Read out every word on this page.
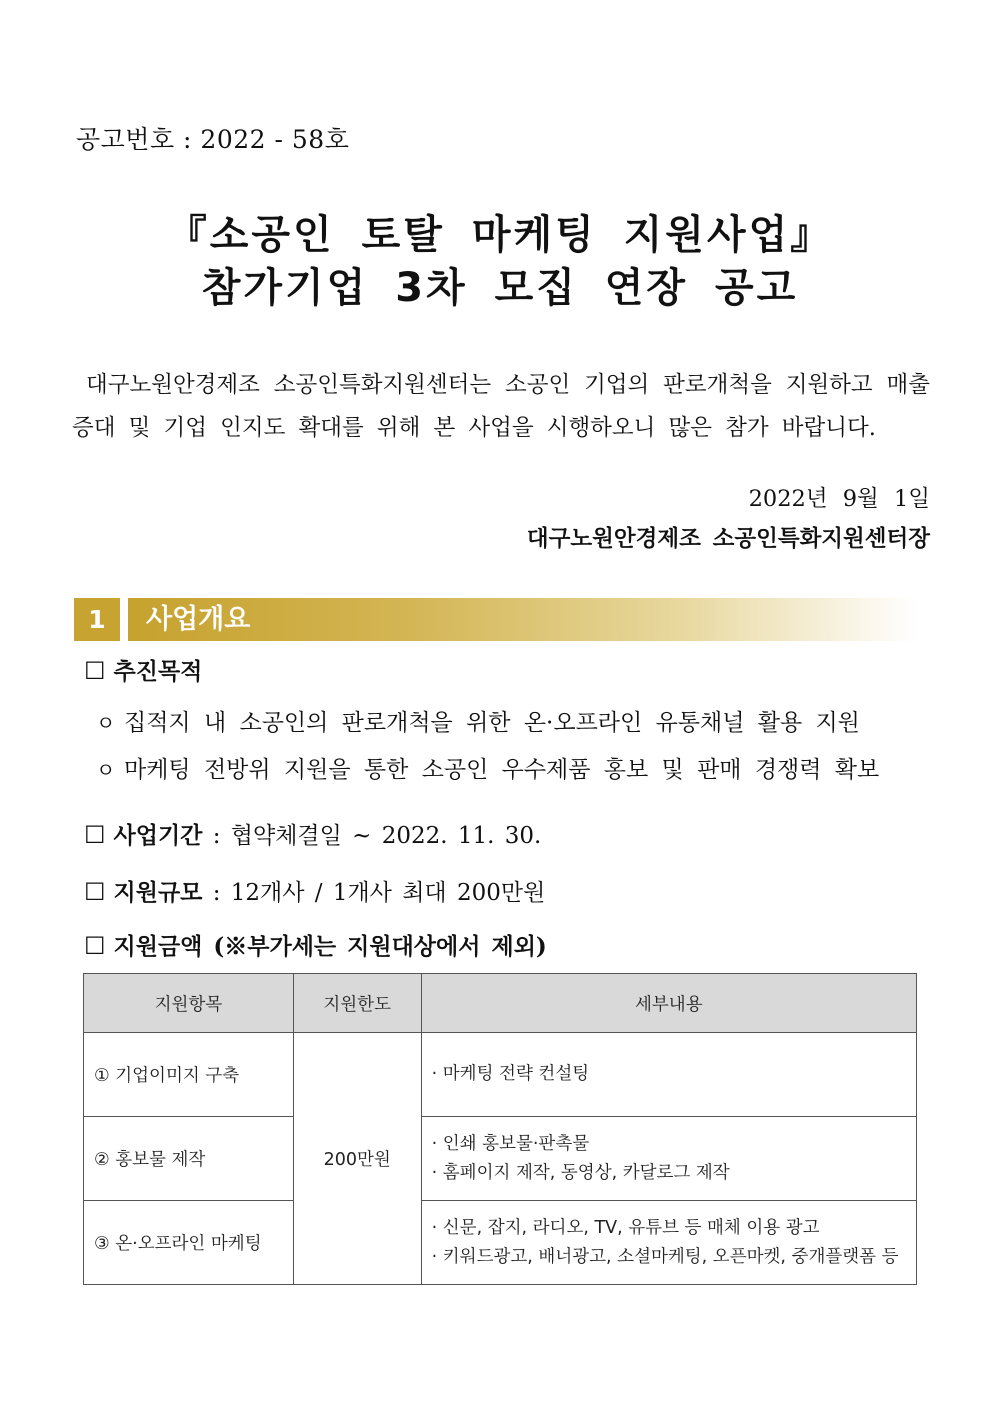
공고번호 : 2022 - 58호
『소공인 토탈 마케팅 지원사업』
참가기업 3차 모집 연장 공고

대구노원안경제조 소공인특화지원센터는 소공인 기업의 판로개척을 지원하고 매출 증대 및 기업 인지도 확대를 위해 본 사업을 시행하오니 많은 참가 바랍니다.

2022년 9월 1일
대구노원안경제조 소공인특화지원센터장
1	사업개요
☐ 추진목적
ㅇ 집적지 내 소공인의 판로개척을 위한 온·오프라인 유통채널 활용 지원
ㅇ 마케팅 전방위 지원을 통한 소공인 우수제품 홍보 및 판매 경쟁력 확보
☐ 사업기간 : 협약체결일 ~ 2022. 11. 30.
☐ 지원규모 : 12개사 / 1개사 최대 200만원
☐ 지원금액 (※부가세는 지원대상에서 제외)
지원항목	지원한도	세부내용
① 기업이미지 구축	200만원	· 마케팅 전략 컨설팅

② 홍보물 제작		· 인쇄 홍보물·판촉물
· 홈페이지 제작, 동영상, 카달로그 제작

③ 온·오프라인 마케팅		· 신문, 잡지, 라디오, TV, 유튜브 등 매체 이용 광고
· 키워드광고, 배너광고, 소셜마케팅, 오픈마켓, 중개플랫폼 등
